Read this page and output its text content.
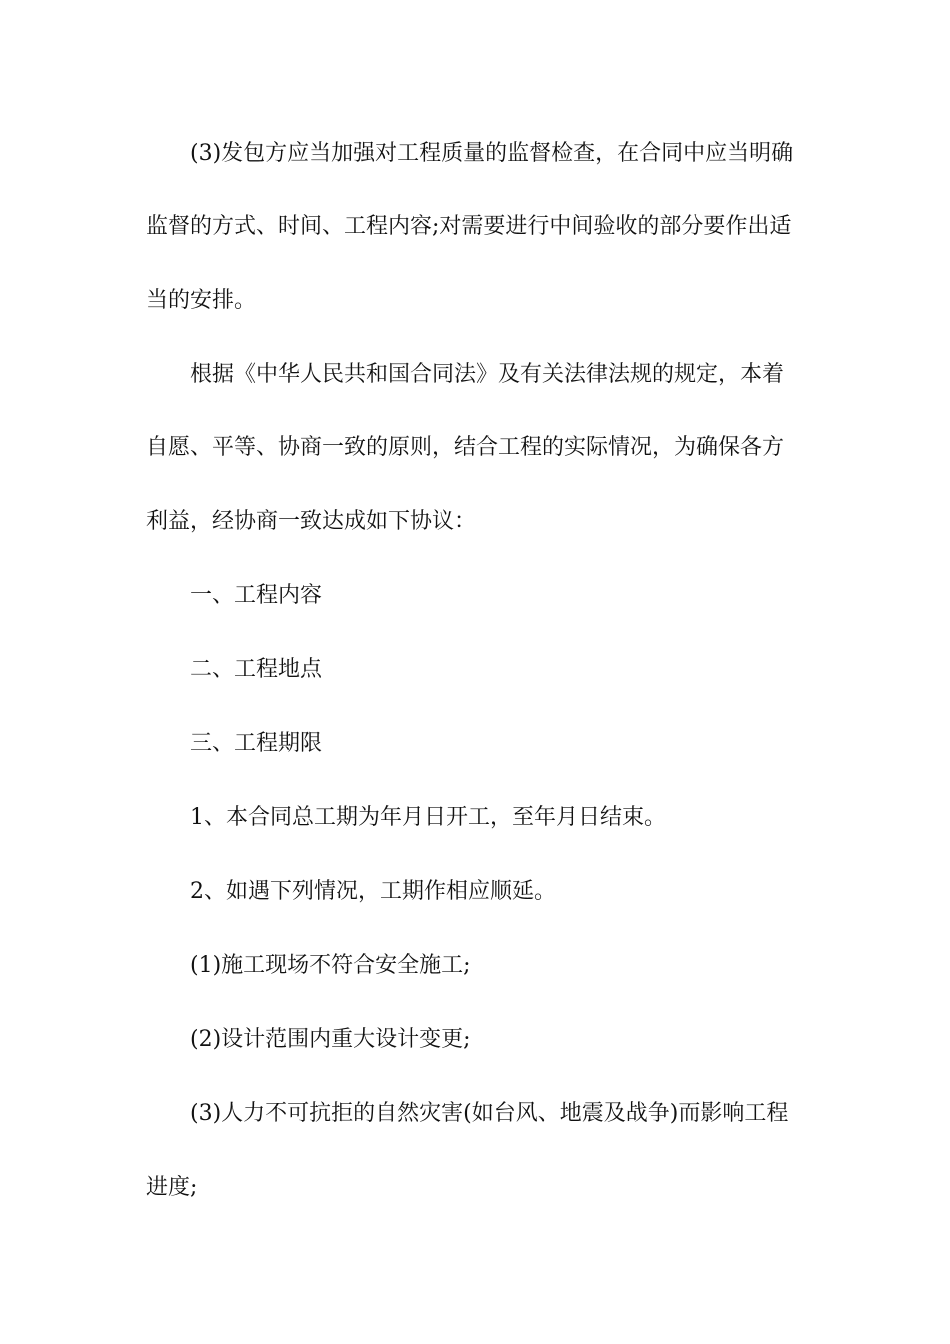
(3)发包方应当加强对工程质量的监督检查，在合同中应当明确
监督的方式、时间、工程内容;对需要进行中间验收的部分要作出适
当的安排。
根据《中华人民共和国合同法》及有关法律法规的规定，本着
自愿、平等、协商一致的原则，结合工程的实际情况，为确保各方
利益，经协商一致达成如下协议：
一、工程内容
二、工程地点
三、工程期限
1、本合同总工期为年月日开工，至年月日结束。
2、如遇下列情况，工期作相应顺延。
(1)施工现场不符合安全施工;
(2)设计范围内重大设计变更;
(3)人力不可抗拒的自然灾害(如台风、地震及战争)而影响工程
进度;
